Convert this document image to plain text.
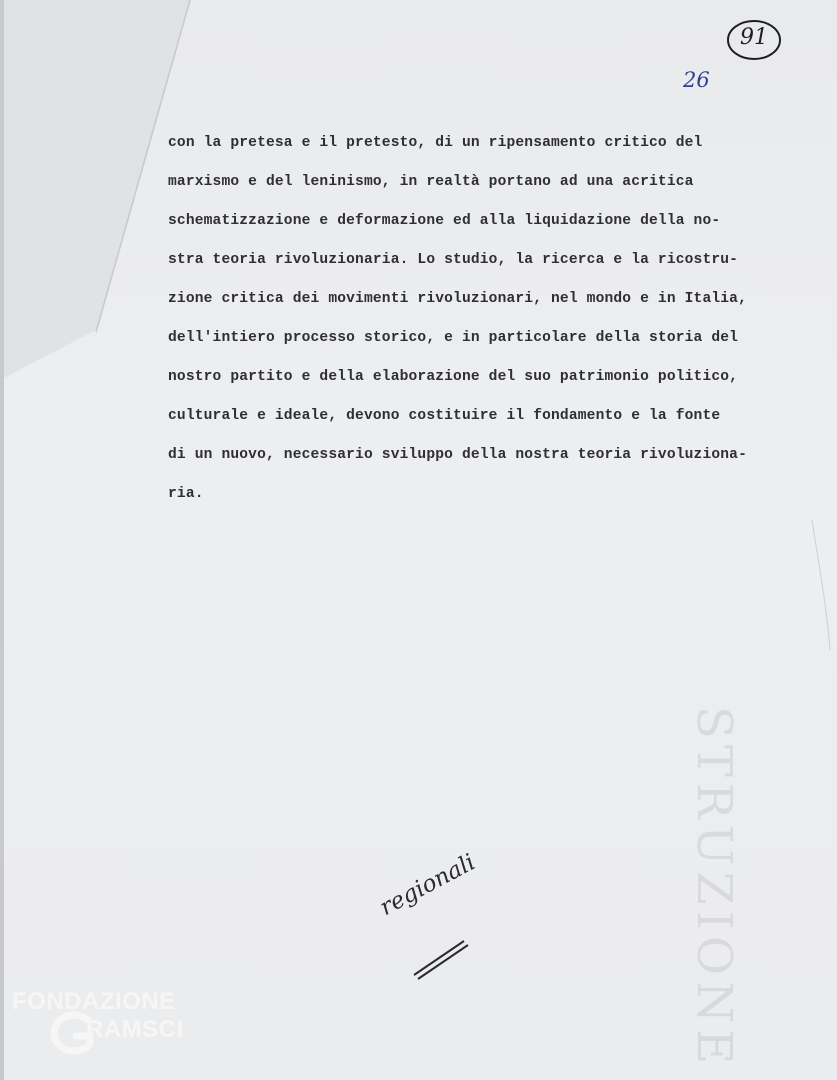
91
26
con la pretesa e il pretesto, di un ripensamento critico del
marxismo e del leninismo, in realtà portano ad una acritica
schematizzazione e deformazione ed alla liquidazione della no-
stra teoria rivoluzionaria. Lo studio, la ricerca e la ricostru-
zione critica dei movimenti rivoluzionari, nel mondo e in Italia,
dell'intiero processo storico, e in particolare della storia del
nostro partito e della elaborazione del suo patrimonio politico,
culturale e ideale, devono costituire il fondamento e la fonte
di un nuovo, necessario sviluppo della nostra teoria rivoluziona-
ria.
regionali	STRUZIONE
FONDAZIONE
RAMSCI
